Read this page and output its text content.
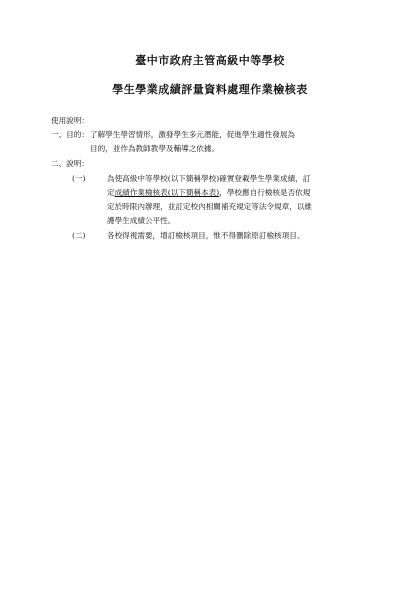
臺中市政府主管高級中等學校
學生學業成績評量資料處理作業檢核表

使用說明：

一、目的： 了解學生學習情形，激發學生多元潛能，促進學生適性發展為

目的，並作為教師教學及輔導之依據。

二、說明：

(一)	為使高級中等學校(以下簡稱學校)確實登載學生學業成績，訂

定成績作業檢核表(以下簡稱本表)，學校應自行檢核是否依規

定於時限內辦理，並訂定校內相關補充規定等法令規章，以維

護學生成績公平性。

(二)	各校得視需要，增訂檢核項目，惟不得刪除原訂檢核項目。
